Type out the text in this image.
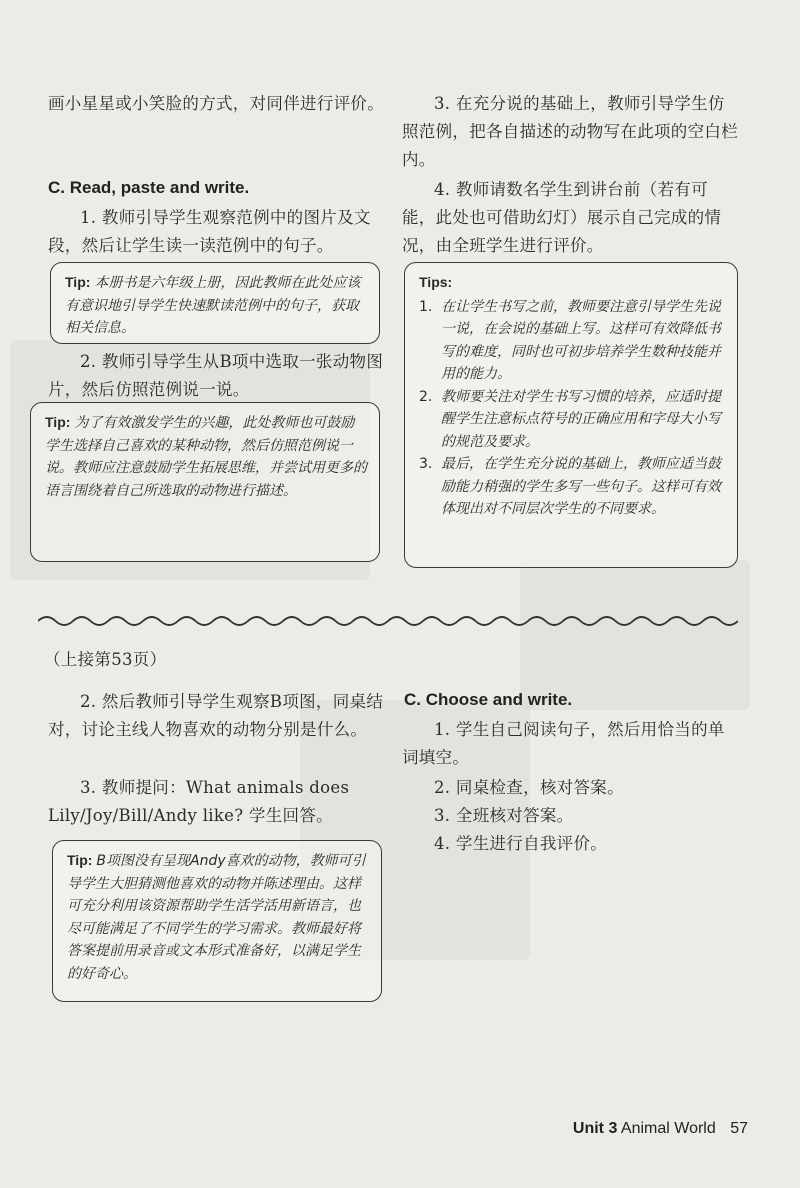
画小星星或小笑脸的方式，对同伴进行评价。
C. Read, paste and write.
1. 教师引导学生观察范例中的图片及文段，然后让学生读一读范例中的句子。
Tip: 本册书是六年级上册，因此教师在此处应该有意识地引导学生快速默读范例中的句子，获取相关信息。
2. 教师引导学生从B项中选取一张动物图片，然后仿照范例说一说。
Tip: 为了有效激发学生的兴趣，此处教师也可鼓励学生选择自己喜欢的某种动物，然后仿照范例说一说。教师应注意鼓励学生拓展思维，并尝试用更多的语言围绕着自己所选取的动物进行描述。
3. 在充分说的基础上，教师引导学生仿照范例，把各自描述的动物写在此项的空白栏内。
4. 教师请数名学生到讲台前（若有可能，此处也可借助幻灯）展示自己完成的情况，由全班学生进行评价。
Tips:
1. 在让学生书写之前，教师要注意引导学生先说一说，在会说的基础上写。这样可有效降低书写的难度，同时也可初步培养学生数种技能并用的能力。
2. 教师要关注对学生书写习惯的培养，应适时提醒学生注意标点符号的正确应用和字母大小写的规范及要求。
3. 最后，在学生充分说的基础上，教师应适当鼓励能力稍强的学生多写一些句子。这样可有效体现出对不同层次学生的不同要求。
（上接第53页）
2. 然后教师引导学生观察B项图，同桌结对，讨论主线人物喜欢的动物分别是什么。
3. 教师提问：What animals does Lily/Joy/Bill/Andy like? 学生回答。
Tip: B项图没有呈现Andy喜欢的动物，教师可引导学生大胆猜测他喜欢的动物并陈述理由。这样可充分利用该资源帮助学生活学活用新语言，也尽可能满足了不同学生的学习需求。教师最好将答案提前用录音或文本形式准备好，以满足学生的好奇心。
C. Choose and write.
1. 学生自己阅读句子，然后用恰当的单词填空。
2. 同桌检查，核对答案。
3. 全班核对答案。
4. 学生进行自我评价。
Unit 3 Animal World 57
